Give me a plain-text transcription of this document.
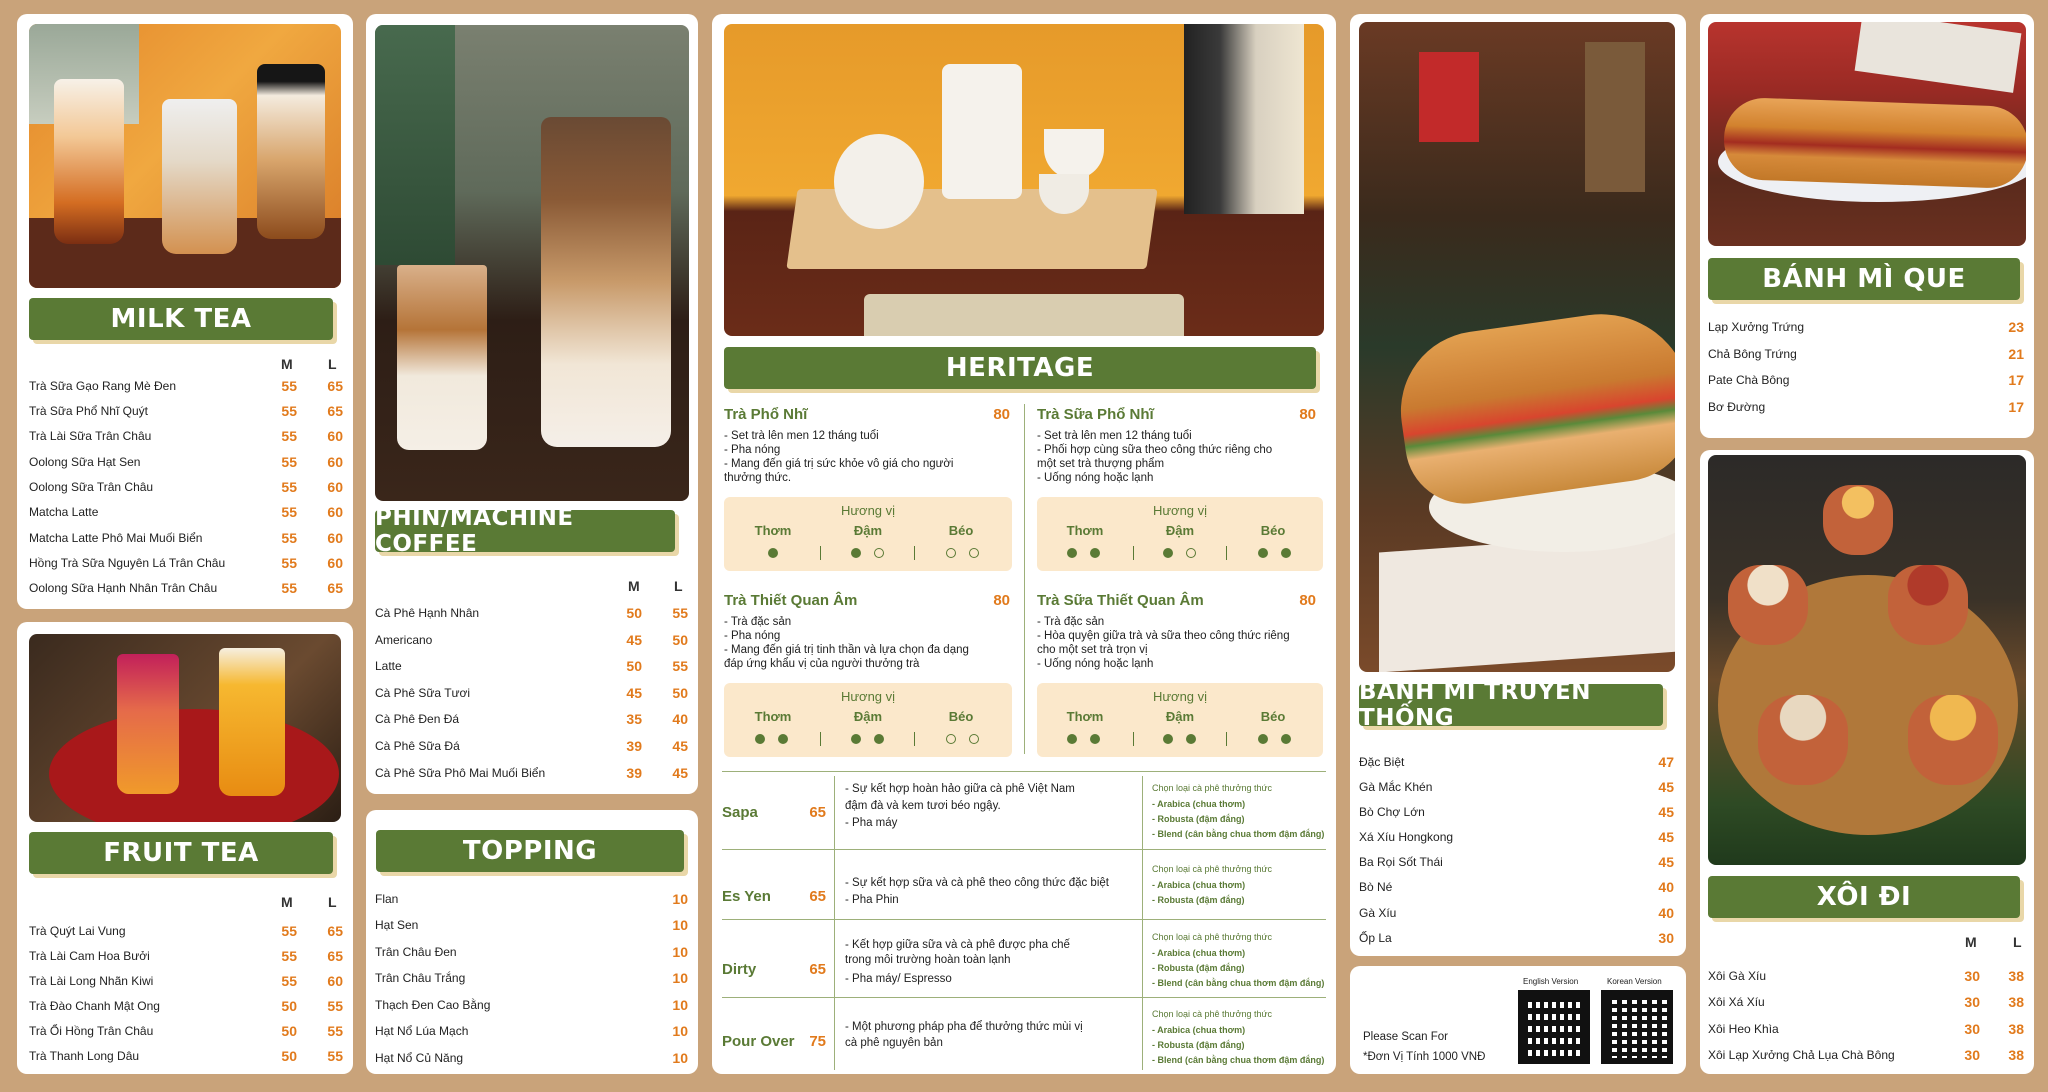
MILK TEA
M	L
Trà Sữa Gạo Rang Mè Đen	55	65
Trà Sữa Phổ Nhĩ Quýt	55	65
Trà Lài Sữa Trân Châu	55	60
Oolong Sữa Hạt Sen	55	60
Oolong Sữa Trân Châu	55	60
Matcha Latte	55	60
Matcha Latte Phô Mai Muối Biển	55	60
Hồng Trà Sữa Nguyên Lá Trân Châu	55	60
Oolong Sữa Hạnh Nhân Trân Châu	55	65
FRUIT TEA
M	L
Trà Quýt Lai Vung	55	65
Trà Lài Cam Hoa Bưởi	55	65
Trà Lài Long Nhãn Kiwi	55	60
Trà Đào Chanh Mật Ong	50	55
Trà Ổi Hồng Trân Châu	50	55
Trà Thanh Long Dâu	50	55
PHIN/MACHINE COFFEE
M L
Cà Phê Hạnh Nhân	50	55
Americano	45	50
Latte	50	55
Cà Phê Sữa Tươi	45	50
Cà Phê Đen Đá	35	40
Cà Phê Sữa Đá	39	45
Cà Phê Sữa Phô Mai Muối Biển	39	45
TOPPING
Flan	10
Hạt Sen	10
Trân Châu Đen	10
Trân Châu Trắng	10
Thạch Đen Cao Bằng	10
Hạt Nổ Lúa Mạch	10
Hạt Nổ Củ Năng	10
HERITAGE
Trà Phổ Nhĩ	80
- Set trà lên men 12 tháng tuổi
- Pha nóng
- Mang đến giá trị sức khỏe vô giá cho người
thưởng thức.
Hương vị
Thơm	Đậm	Béo
Trà Sữa Phổ Nhĩ	80
- Set trà lên men 12 tháng tuổi
- Phối hợp cùng sữa theo công thức riêng cho
một set trà thượng phẩm
- Uống nóng hoặc lạnh
Hương vị
Thơm	Đậm	Béo
Trà Thiết Quan Âm	80
- Trà đặc sản
- Pha nóng
- Mang đến giá trị tinh thần và lựa chọn đa dạng
đáp ứng khẩu vị của người thưởng trà
Hương vị
Thơm	Đậm	Béo
Trà Sữa Thiết Quan Âm	80
- Trà đặc sản
- Hòa quyện giữa trà và sữa theo công thức riêng
cho một set trà trọn vị
- Uống nóng hoặc lạnh
Hương vị
Thơm	Đậm	Béo
Sapa	65
- Sự kết hợp hoàn hảo giữa cà phê Việt Nam
đậm đà và kem tươi béo ngậy.
- Pha máy
Chọn loại cà phê thưởng thức
- Arabica (chua thơm)
- Robusta (đậm đắng)
- Blend (cân bằng chua thơm đậm đắng)
Es Yen	65
- Sự kết hợp sữa và cà phê theo công thức đặc biệt
- Pha Phin
Chọn loại cà phê thưởng thức
- Arabica (chua thơm)
- Robusta (đậm đắng)
Dirty	65
- Kết hợp giữa sữa và cà phê được pha chế
trong môi trường hoàn toàn lạnh
- Pha máy/ Espresso
Chọn loại cà phê thưởng thức
- Arabica (chua thơm)
- Robusta (đậm đắng)
- Blend (cân bằng chua thơm đậm đắng)
Pour Over 75
- Một phương pháp pha để thưởng thức mùi vị
cà phê nguyên bản
Chọn loại cà phê thưởng thức
- Arabica (chua thơm)
- Robusta (đậm đắng)
- Blend (cân bằng chua thơm đậm đắng)
BÁNH MÌ TRUYỀN THỐNG
Đặc Biệt	47
Gà Mắc Khén	45
Bò Chợ Lớn	45
Xá Xíu Hongkong	45
Ba Rọi Sốt Thái	45
Bò Né	40
Gà Xíu	40
Ốp La	30
English Version	Korean Version
Please Scan For
*Đơn Vị Tính 1000 VNĐ
BÁNH MÌ QUE
Lạp Xưởng Trứng	23
Chả Bông Trứng	21
Pate Chà Bông	17
Bơ Đường	17
XÔI ĐI
M	L
Xôi Gà Xíu	30	38
Xôi Xá Xíu	30	38
Xôi Heo Khìa	30	38
Xôi Lạp Xưởng Chả Lụa Chà Bông	30	38
